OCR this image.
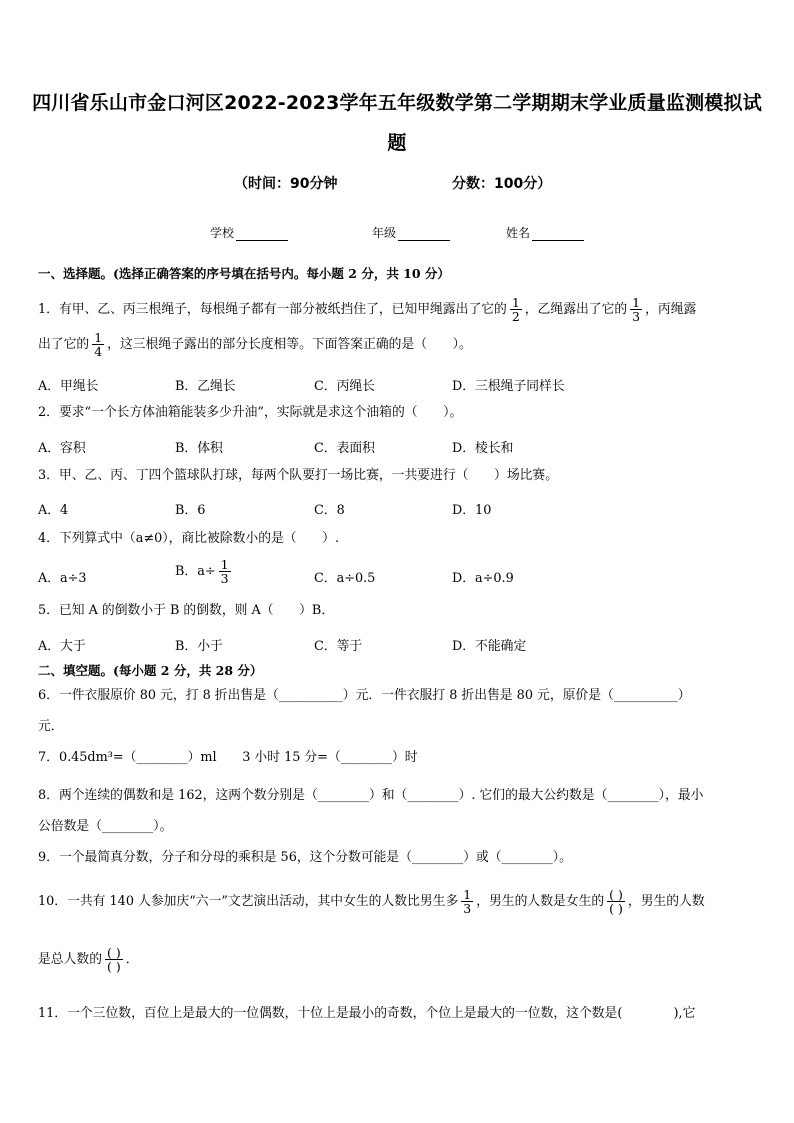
四川省乐山市金口河区2022-2023学年五年级数学第二学期期末学业质量监测模拟试
题
（时间：90分钟	分数：100分）
学校	年级	姓名
一、选择题。(选择正确答案的序号填在括号内。每小题 2 分，共 10 分）
1．有甲、乙、丙三根绳子，每根绳子都有一部分被纸挡住了，已知甲绳露出了它的 $\frac{1}{2}$ ，乙绳露出了它的 $\frac{1}{3}$ ，丙绳露
出了它的 $\frac{1}{4}$ ，这三根绳子露出的部分长度相等。下面答案正确的是（　　）。
A．甲绳长	B．乙绳长	C．丙绳长	D．三根绳子同样长
2．要求“一个长方体油箱能装多少升油”，实际就是求这个油箱的（　　）。
A．容积	B．体积	C．表面积	D．棱长和
3．甲、乙、丙、丁四个篮球队打球，每两个队要打一场比赛，一共要进行（　　）场比赛。
A．4	B．6	C．8	D．10
4．下列算式中（a≠0），商比被除数小的是（　　）.
A．a÷3	B．$a\div \frac{1}{3}$	C．a÷0.5	D．a÷0.9
5．已知 A 的倒数小于 B 的倒数，则 A（　　）B．
A．大于	B．小于	C．等于	D．不能确定
二、填空题。(每小题 2 分，共 28 分）
6．一件衣服原价 80 元，打 8 折出售是（__________）元．一件衣服打 8 折出售是 80 元，原价是（__________）
元．
7．0.45dm³=（________）ml　　3 小时 15 分=（________）时
8．两个连续的偶数和是 162，这两个数分别是（________）和（________）. 它们的最大公约数是（________），最小
公倍数是（________）。
9．一个最简真分数，分子和分母的乘积是 56，这个分数可能是（________）或（________）。
10．一共有 140 人参加庆“六一”文艺演出活动，其中女生的人数比男生多 $\frac{1}{3}$ ，男生的人数是女生的 $\frac{( )}{( )}$ ，男生的人数
是总人数的 $\frac{( )}{( )}$ ．
11．一个三位数，百位上是最大的一位偶数，十位上是最小的奇数，个位上是最大的一位数，这个数是(　　　　),它
